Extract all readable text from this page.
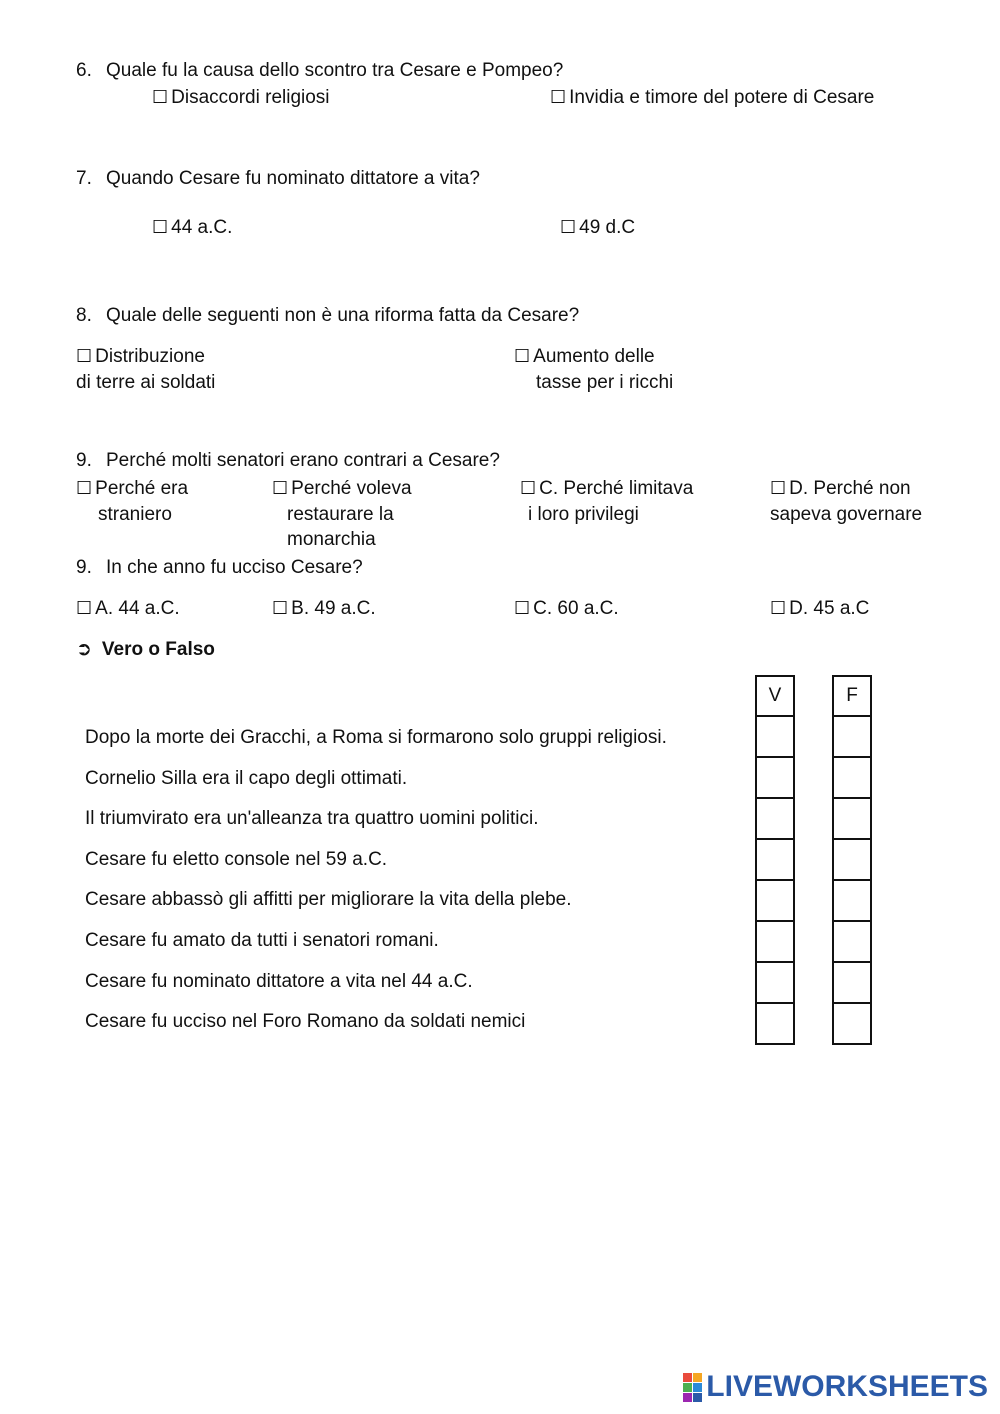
6. Quale fu la causa dello scontro tra Cesare e Pompeo?
☐ Disaccordi religiosi	☐ Invidia e timore del potere di Cesare
7. Quando Cesare fu nominato dittatore a vita?
☐ 44 a.C.	☐ 49 d.C
8. Quale delle seguenti non è una riforma fatta da Cesare?
☐ Distribuzione
di terre ai soldati
☐ Aumento delle
tasse per i ricchi
9. Perché molti senatori erano contrari a Cesare?
☐ Perché era
straniero
☐ Perché voleva
restaurare la
monarchia
☐ C. Perché limitava
i loro privilegi
☐ D. Perché non
sapeva governare
9. In che anno fu ucciso Cesare?
☐ A. 44 a.C.	☐ B. 49 a.C.	☐ C. 60 a.C.	☐ D. 45 a.C
➲ Vero o Falso
V	F
Dopo la morte dei Gracchi, a Roma si formarono solo gruppi religiosi.
Cornelio Silla era il capo degli ottimati.
Il triumvirato era un'alleanza tra quattro uomini politici.
Cesare fu eletto console nel 59 a.C.
Cesare abbassò gli affitti per migliorare la vita della plebe.
Cesare fu amato da tutti i senatori romani.
Cesare fu nominato dittatore a vita nel 44 a.C.
Cesare fu ucciso nel Foro Romano da soldati nemici
LIVEWORKSHEETS
